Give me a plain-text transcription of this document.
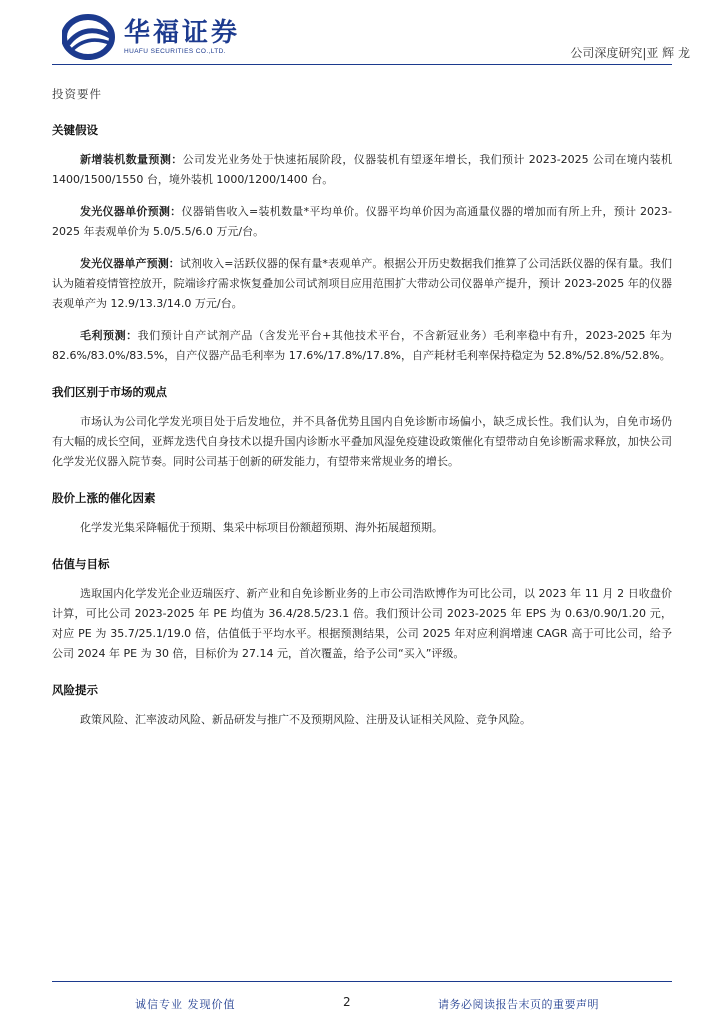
华福证券
HUAFU SECURITIES CO.,LTD.	公司深度研究|亚 辉 龙
投资要件
关键假设

新增装机数量预测：公司发光业务处于快速拓展阶段，仪器装机有望逐年增长，我们预计 2023-2025 公司在境内装机 1400/1500/1550 台，境外装机 1000/1200/1400 台。

发光仪器单价预测：仪器销售收入=装机数量*平均单价。仪器平均单价因为高通量仪器的增加而有所上升，预计 2023-2025 年表观单价为 5.0/5.5/6.0 万元/台。

发光仪器单产预测：试剂收入=活跃仪器的保有量*表观单产。根据公开历史数据我们推算了公司活跃仪器的保有量。我们认为随着疫情管控放开，院端诊疗需求恢复叠加公司试剂项目应用范围扩大带动公司仪器单产提升，预计 2023-2025 年的仪器表观单产为 12.9/13.3/14.0 万元/台。

毛利预测：我们预计自产试剂产品（含发光平台+其他技术平台，不含新冠业务）毛利率稳中有升，2023-2025 年为 82.6%/83.0%/83.5%，自产仪器产品毛利率为 17.6%/17.8%/17.8%，自产耗材毛利率保持稳定为 52.8%/52.8%/52.8%。

我们区别于市场的观点

市场认为公司化学发光项目处于后发地位，并不具备优势且国内自免诊断市场偏小，缺乏成长性。我们认为，自免市场仍有大幅的成长空间，亚辉龙迭代自身技术以提升国内诊断水平叠加风湿免疫建设政策催化有望带动自免诊断需求释放，加快公司化学发光仪器入院节奏。同时公司基于创新的研发能力，有望带来常规业务的增长。

股价上涨的催化因素

化学发光集采降幅优于预期、集采中标项目份额超预期、海外拓展超预期。

估值与目标

选取国内化学发光企业迈瑞医疗、新产业和自免诊断业务的上市公司浩欧博作为可比公司，以 2023 年 11 月 2 日收盘价计算，可比公司 2023-2025 年 PE 均值为 36.4/28.5/23.1 倍。我们预计公司 2023-2025 年 EPS 为 0.63/0.90/1.20 元，对应 PE 为 35.7/25.1/19.0 倍，估值低于平均水平。根据预测结果，公司 2025 年对应利润增速 CAGR 高于可比公司，给予公司 2024 年 PE 为 30 倍，目标价为 27.14 元，首次覆盖，给予公司“买入”评级。

风险提示

政策风险、汇率波动风险、新品研发与推广不及预期风险、注册及认证相关风险、竞争风险。

诚信专业 发现价值	2	请务必阅读报告末页的重要声明
